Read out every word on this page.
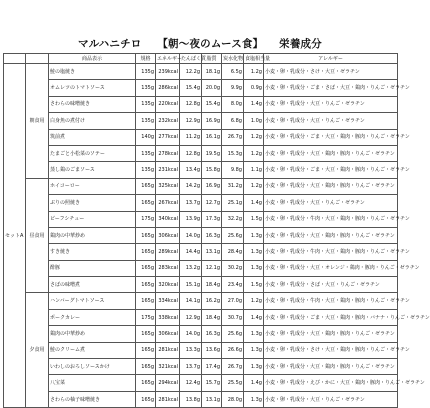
マルハニチロ 【朝〜夜のムース食】 栄養成分
		商品表示	規格	エネルギー	たんぱく質	脂質	炭水化物	食塩相当量	アレルギー
セットA	朝食用	鮭の塩焼き	135g	239kcal	12.2g	18.1g	6.5g	1.2g	小麦・卵・乳成分・さけ・大豆・ゼラチン
		オムレツのトマトソース	135g	286kcal	15.4g	20.0g	9.9g	0.9g	小麦・卵・乳成分・ごま・さば・大豆・鶏肉・りんご・ゼラチン
		さわらの味噌焼き	135g	220kcal	12.8g	15.4g	8.0g	1.4g	小麦・卵・乳成分・大豆・りんご・ゼラチン
		白身魚の煮付け	135g	232kcal	12.9g	16.9g	6.8g	1.0g	小麦・卵・乳成分・大豆・りんご・ゼラチン
		筑前煮	140g	277kcal	11.2g	16.1g	26.7g	1.2g	小麦・卵・乳成分・ごま・大豆・鶏肉・豚肉・りんご・ゼラチン
		たまごと小松菜のソテー	135g	278kcal	12.8g	19.5g	15.3g	1.2g	小麦・卵・乳成分・大豆・鶏肉・豚肉・りんご・ゼラチン
		蒸し鶏のごまソース	135g	231kcal	13.4g	15.8g	9.8g	1.1g	小麦・卵・乳成分・ごま・大豆・鶏肉・豚肉・りんご・ゼラチン
	昼食用	ホイコーロー	165g	325kcal	14.2g	16.9g	31.2g	1.2g	小麦・卵・乳成分・大豆・鶏肉・豚肉・りんご・ゼラチン
		ぶりの照焼き	165g	267kcal	13.7g	12.7g	25.1g	1.4g	小麦・卵・乳成分・大豆・りんご・ゼラチン
		ビーフシチュー	175g	340kcal	13.9g	17.3g	32.2g	1.5g	小麦・卵・乳成分・牛肉・大豆・鶏肉・豚肉・りんご・ゼラチン
		鶏肉の中華炒め	165g	306kcal	14.0g	16.3g	25.6g	1.3g	小麦・卵・乳成分・大豆・鶏肉・豚肉・りんご・ゼラチン
		すき焼き	165g	289kcal	14.4g	13.1g	28.4g	1.3g	小麦・卵・乳成分・牛肉・大豆・鶏肉・豚肉・りんご・ゼラチン
		酢豚	165g	283kcal	13.2g	12.1g	30.2g	1.3g	小麦・卵・乳成分・大豆・オレンジ・鶏肉・豚肉・りんご・ゼラチン
		さばの味噌煮	165g	320kcal	15.1g	18.4g	23.4g	1.5g	小麦・卵・乳成分・さば・大豆・りんご・ゼラチン
	夕食用	ハンバーグトマトソース	165g	334kcal	14.1g	16.2g	27.0g	1.2g	小麦・卵・乳成分・牛肉・大豆・鶏肉・豚肉・りんご・ゼラチン
		ポークカレー	175g	338kcal	12.9g	18.4g	30.7g	1.4g	小麦・卵・乳成分・ごま・大豆・鶏肉・豚肉・バナナ・りんご・ゼラチン
		鶏肉の中華炒め	165g	306kcal	14.0g	16.3g	25.6g	1.3g	小麦・卵・乳成分・大豆・鶏肉・豚肉・りんご・ゼラチン
		鮭のクリーム煮	165g	281kcal	13.3g	13.6g	26.6g	1.3g	小麦・卵・乳成分・さけ・大豆・鶏肉・豚肉・りんご・ゼラチン
		いわしのおろしソースかけ	165g	321kcal	13.7g	17.4g	26.7g	1.3g	小麦・卵・乳成分・大豆・鶏肉・豚肉・りんご・ゼラチン
		八宝菜	165g	294kcal	12.4g	15.7g	25.5g	1.4g	小麦・卵・乳成分・えび・かに・大豆・鶏肉・豚肉・りんご・ゼラチン
		さわらの柚子味噌焼き	165g	281kcal	13.8g	13.1g	28.0g	1.3g	小麦・卵・乳成分・大豆・りんご・ゼラチン
